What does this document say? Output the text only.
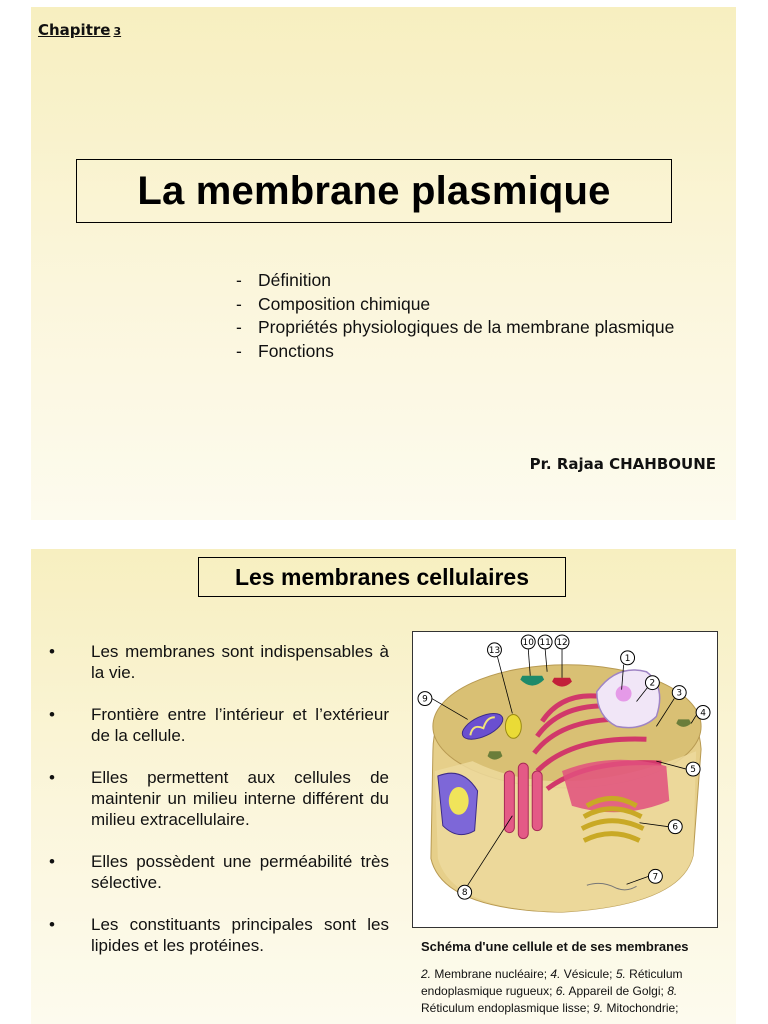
Chapitre 3
La membrane plasmique
- Définition
- Composition chimique
- Propriétés physiologiques de la membrane plasmique
- Fonctions
Pr. Rajaa CHAHBOUNE
Les membranes cellulaires
• Les membranes sont indispensables à la vie.
• Frontière entre l’intérieur et l’extérieur de la cellule.
• Elles permettent aux cellules de maintenir un milieu interne différent du milieu extracellulaire.
• Elles possèdent une perméabilité très sélective.
• Les constituants principales sont les lipides et les protéines.
10 11 12
13
1
2
3
4
5
6
7
8
9
Schéma d'une cellule et de ses membranes
2. Membrane nucléaire; 4. Vésicule; 5. Réticulum endoplasmique rugueux; 6. Appareil de Golgi; 8. Réticulum endoplasmique lisse; 9. Mitochondrie;
